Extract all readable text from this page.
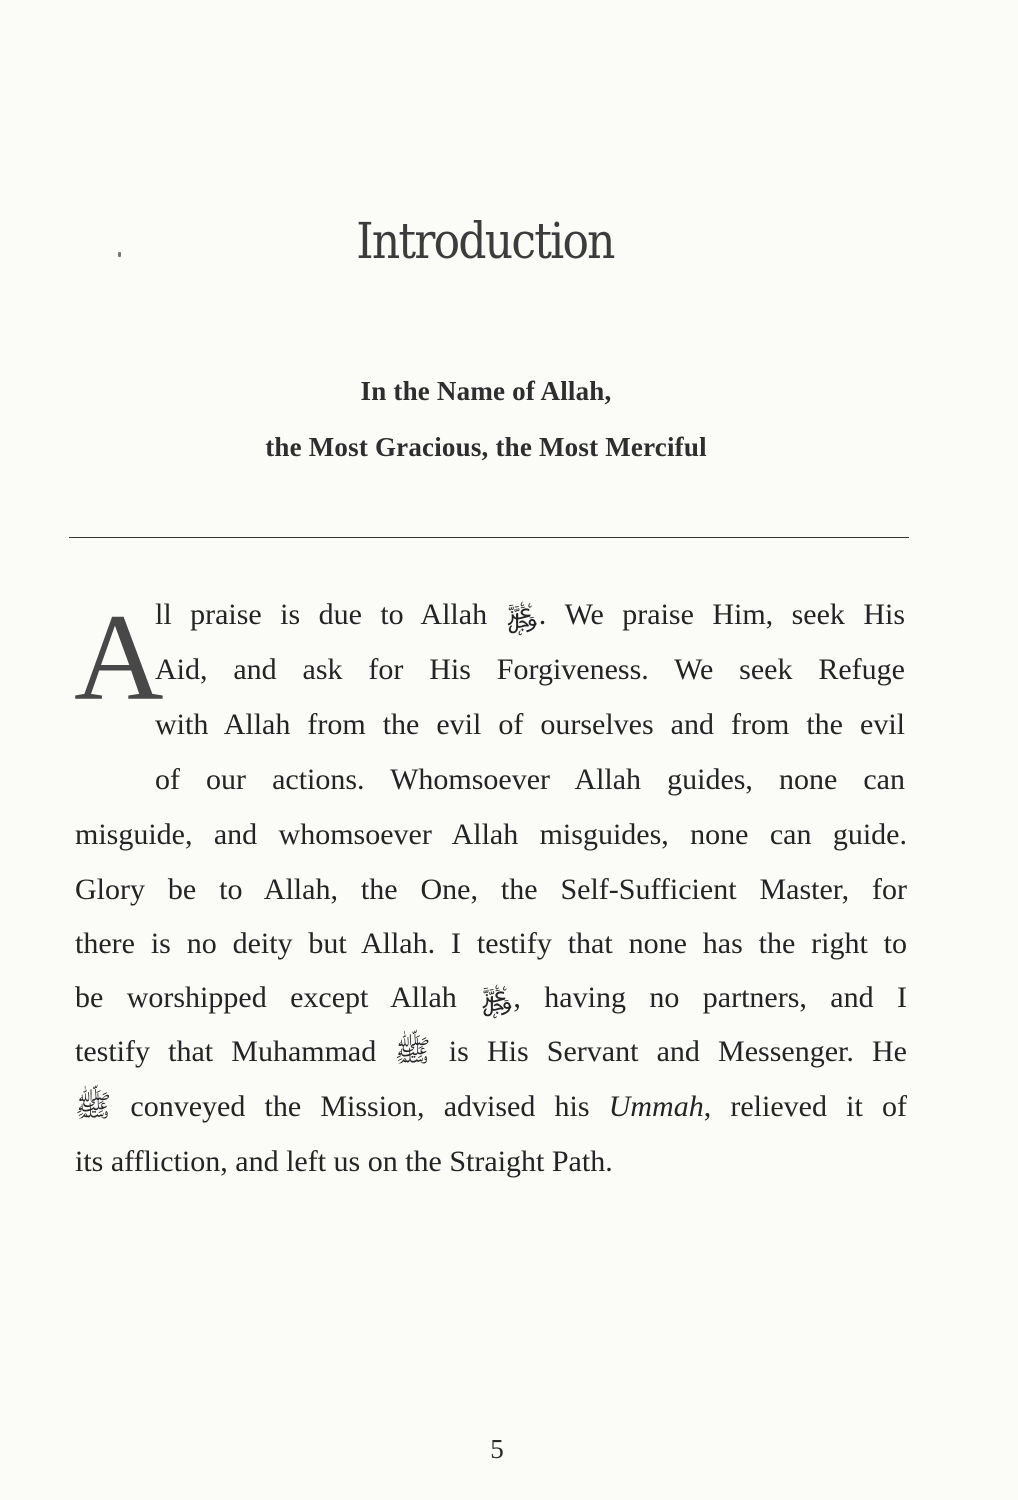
Introduction
In the Name of Allah,
the Most Gracious, the Most Merciful
A
ll praise is due to Allah ﷿. We praise Him, seek His
Aid, and ask for His Forgiveness. We seek Refuge
with Allah from the evil of ourselves and from the evil
of our actions. Whomsoever Allah guides, none can
misguide, and whomsoever Allah misguides, none can guide.
Glory be to Allah, the One, the Self-Sufficient Master, for
there is no deity but Allah. I testify that none has the right to
be worshipped except Allah ﷿, having no partners, and I
testify that Muhammad ﷺ is His Servant and Messenger. He
ﷺ conveyed the Mission, advised his Ummah, relieved it of
its affliction, and left us on the Straight Path.
5
